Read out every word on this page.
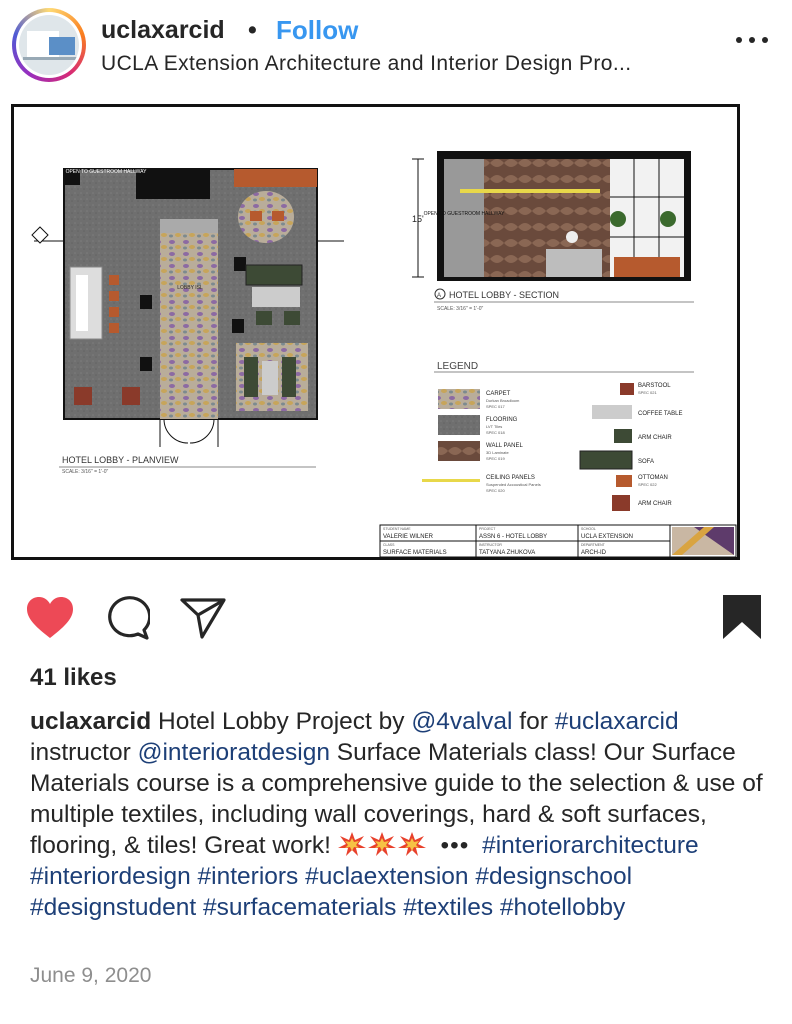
uclaxarcid • Follow
UCLA Extension Architecture and Interior Design Pro...
OPEN TO GUESTROOM HALLWAY
LOBBY ISL
HOTEL LOBBY - PLANVIEW
SCALE: 3/16" = 1'-0"
15' OPEN TO GUESTROOM HALLWAY
A HOTEL LOBBY - SECTION
SCALE: 3/16" = 1'-0"
LEGEND
CARPET
Durkan Broadloom
SPEC 017
FLOORING
LVT Tiles
SPEC 018
WALL PANEL
3D Laminate
SPEC 019
CEILING PANELS
Suspended Accoustical Panels
SPEC 020
BARSTOOL
SPEC 021
COFFEE TABLE
ARM CHAIR
SOFA
OTTOMAN
SPEC 022
ARM CHAIR
STUDENT NAME
VALERIE WILNER
PROJECT
ASSN 6 - HOTEL LOBBY
SCHOOL
UCLA EXTENSION
CLASS
SURFACE MATERIALS
INSTRUCTOR
TATYANA ZHUKOVA
DEPARTMENT
ARCH-ID
41 likes
uclaxarcid Hotel Lobby Project by @4valval for #uclaxarcid instructor @interioratdesign Surface Materials class! Our Surface Materials course is a comprehensive guide to the selection & use of multiple textiles, including wall coverings, hard & soft surfaces, flooring, & tiles! Great work!	••• #interiorarchitecture #interiordesign #interiors #uclaextension #designschool #designstudent #surfacematerials #textiles #hotellobby
June 9, 2020
